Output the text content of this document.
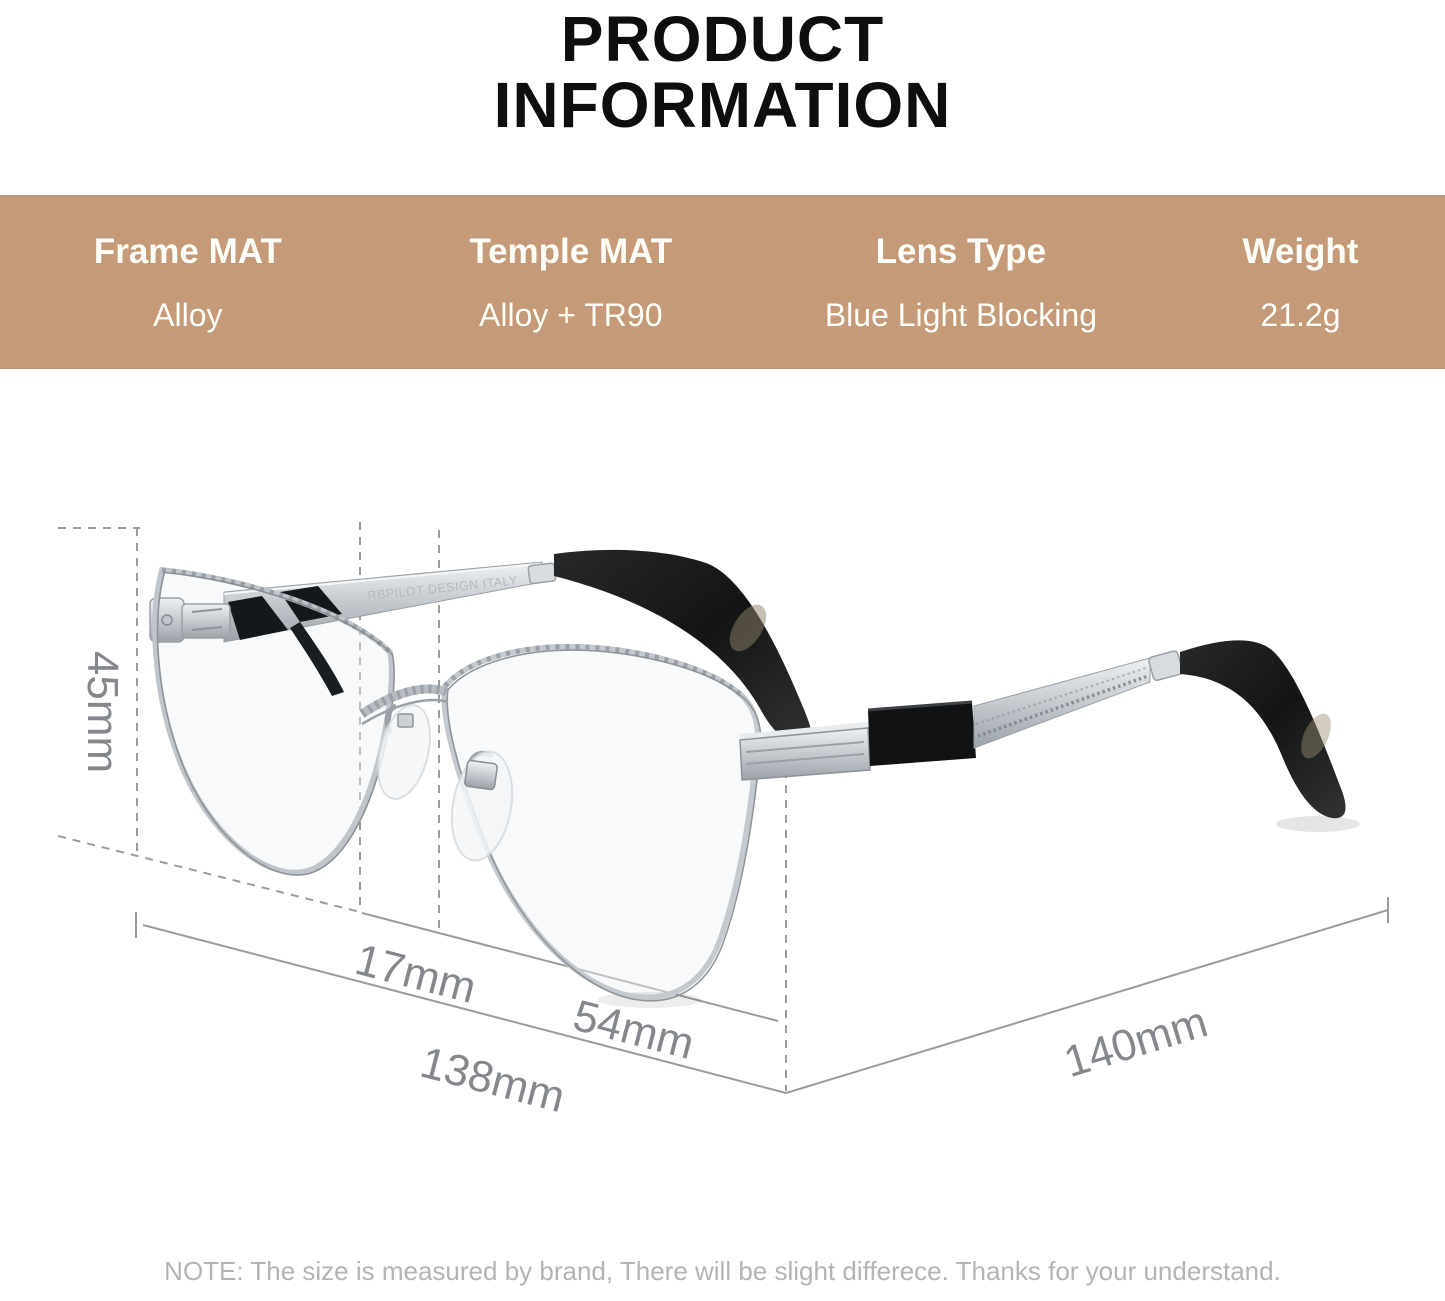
PRODUCT
INFORMATION
Frame MAT
Alloy
Temple MAT
Alloy + TR90
Lens Type
Blue Light Blocking
Weight
21.2g
RBPILOT DESIGN ITALY
45mm
17mm
54mm
138mm	140mm
NOTE: The size is measured by brand, There will be slight differece. Thanks for your understand.
